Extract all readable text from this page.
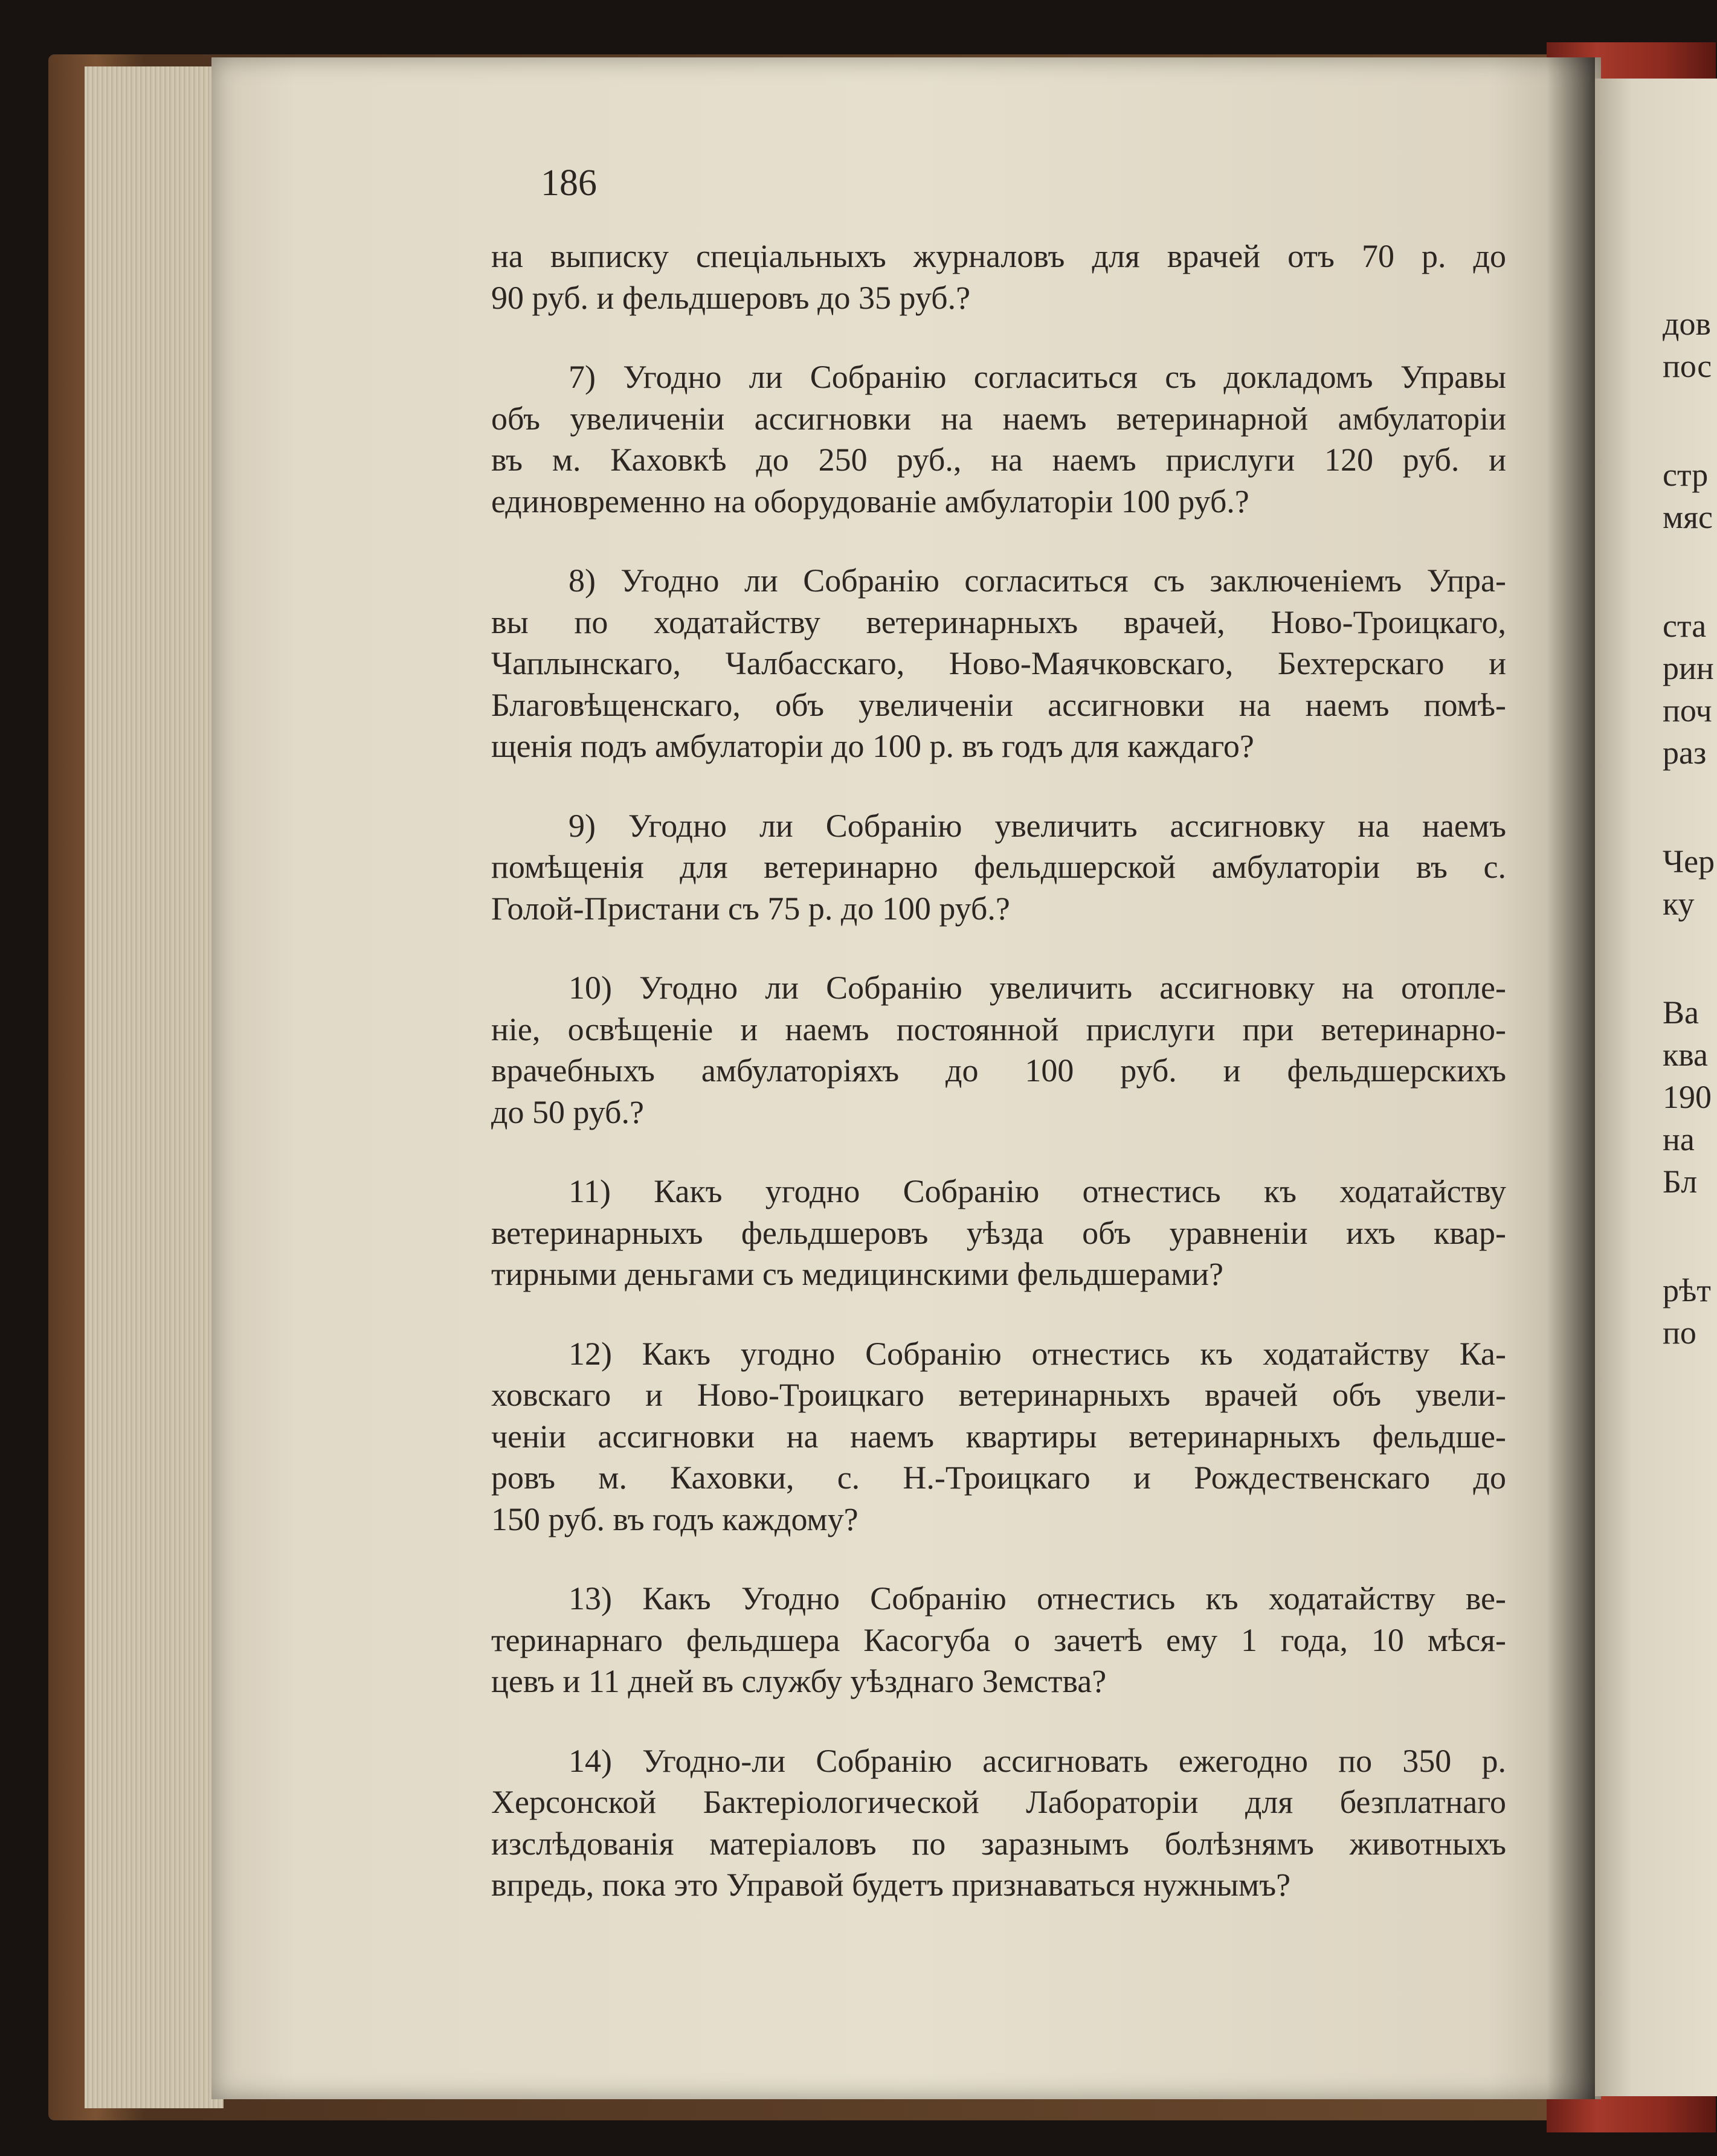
186
на выписку спеціальныхъ журналовъ для врачей отъ 70 р. до
90 руб. и фельдшеровъ до 35 руб.?
7) Угодно ли Собранію согласиться съ докладомъ Управы
объ увеличеніи ассигновки на наемъ ветеринарной амбулаторіи
въ м. Каховкѣ до 250 руб., на наемъ прислуги 120 руб. и
единовременно на оборудованіе амбулаторіи 100 руб.?
8) Угодно ли Собранію согласиться съ заключеніемъ Упра-
вы по ходатайству ветеринарныхъ врачей, Ново-Троицкаго,
Чаплынскаго, Чалбасскаго, Ново-Маячковскаго, Бехтерскаго и
Благовѣщенскаго, объ увеличеніи ассигновки на наемъ помѣ-
щенія подъ амбулаторіи до 100 р. въ годъ для каждаго?
9) Угодно ли Собранію увеличить ассигновку на наемъ
помѣщенія для ветеринарно фельдшерской амбулаторіи въ с.
Голой-Пристани съ 75 р. до 100 руб.?
10) Угодно ли Собранію увеличить ассигновку на отопле-
ніе, освѣщеніе и наемъ постоянной прислуги при ветеринарно-
врачебныхъ амбулаторіяхъ до 100 руб. и фельдшерскихъ
до 50 руб.?
11) Какъ угодно Собранію отнестись къ ходатайству
ветеринарныхъ фельдшеровъ уѣзда объ уравненіи ихъ квар-
тирными деньгами съ медицинскими фельдшерами?
12) Какъ угодно Собранію отнестись къ ходатайству Ка-
ховскаго и Ново-Троицкаго ветеринарныхъ врачей объ увели-
ченіи ассигновки на наемъ квартиры ветеринарныхъ фельдше-
ровъ м. Каховки, с. Н.-Троицкаго и Рождественскаго до
150 руб. въ годъ каждому?
13) Какъ Угодно Собранію отнестись къ ходатайству ве-
теринарнаго фельдшера Касогуба о зачетѣ ему 1 года, 10 мѣся-
цевъ и 11 дней въ службу уѣзднаго Земства?
14) Угодно-ли Собранію ассигновать ежегодно по 350 р.
Херсонской Бактеріологической Лабораторіи для безплатнаго
изслѣдованія матеріаловъ по заразнымъ болѣзнямъ животныхъ
впредь, пока это Управой будетъ признаваться нужнымъ?
дов
пос
стр
мяс
ста
рин
поч
раз
Чер
ку
Ва
ква
190
на
Бл
рѣт
по
